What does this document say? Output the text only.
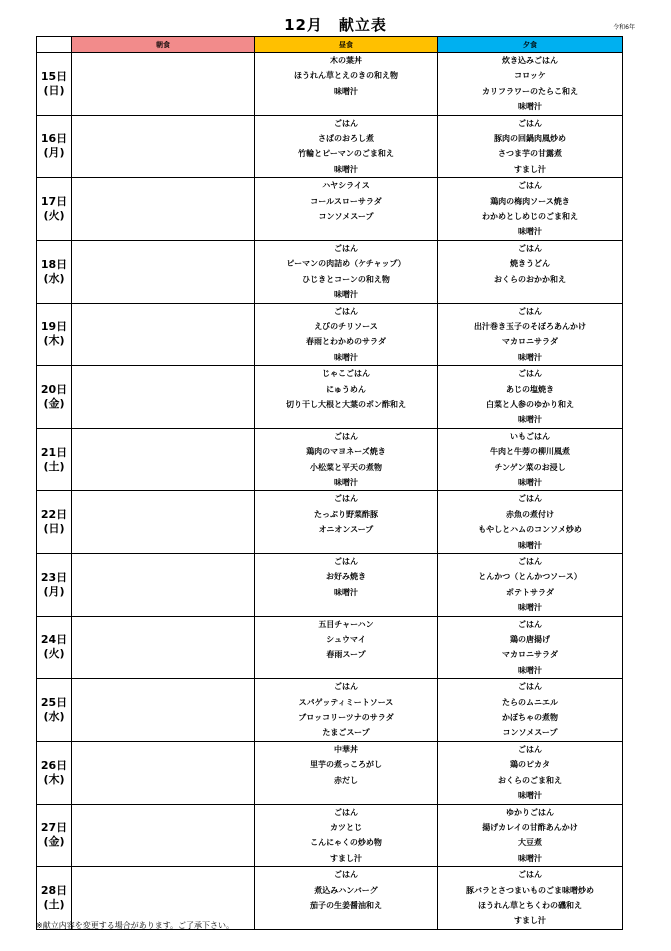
12月　献立表	令和6年
	朝食	昼食	夕食

15日
(日)		木の葉丼
ほうれん草とえのきの和え物
味噌汁	炊き込みごはん
コロッケ
カリフラワーのたらこ和え
味噌汁

16日
(月)		ごはん
さばのおろし煮
竹輪とピーマンのごま和え
味噌汁	ごはん
豚肉の回鍋肉風炒め
さつま芋の甘露煮
すまし汁

17日
(火)		ハヤシライス
コールスローサラダ
コンソメスープ	ごはん
鶏肉の梅肉ソース焼き
わかめとしめじのごま和え
味噌汁

18日
(水)		ごはん
ピーマンの肉詰め（ケチャップ）
ひじきとコーンの和え物
味噌汁	ごはん
焼きうどん
おくらのおかか和え

19日
(木)		ごはん
えびのチリソース
春雨とわかめのサラダ
味噌汁	ごはん
出汁巻き玉子のそぼろあんかけ
マカロニサラダ
味噌汁

20日
(金)		じゃこごはん
にゅうめん
切り干し大根と大葉のポン酢和え	ごはん
あじの塩焼き
白菜と人参のゆかり和え
味噌汁

21日
(土)		ごはん
鶏肉のマヨネーズ焼き
小松菜と平天の煮物
味噌汁	いもごはん
牛肉と牛蒡の柳川風煮
チンゲン菜のお浸し
味噌汁

22日
(日)		ごはん
たっぷり野菜酢豚
オニオンスープ	ごはん
赤魚の煮付け
もやしとハムのコンソメ炒め
味噌汁

23日
(月)		ごはん
お好み焼き
味噌汁	ごはん
とんかつ（とんかつソース）
ポテトサラダ
味噌汁

24日
(火)		五目チャーハン
シュウマイ
春雨スープ	ごはん
鶏の唐揚げ
マカロニサラダ
味噌汁

25日
(水)		ごはん
スパゲッティミートソース
ブロッコリーツナのサラダ
たまごスープ	ごはん
たらのムニエル
かぼちゃの煮物
コンソメスープ

26日
(木)		中華丼
里芋の煮っころがし
赤だし	ごはん
鶏のピカタ
おくらのごま和え
味噌汁

27日
(金)		ごはん
カツとじ
こんにゃくの炒め物
すまし汁	ゆかりごはん
揚げカレイの甘酢あんかけ
大豆煮
味噌汁

28日
(土)		ごはん
煮込みハンバーグ
茄子の生姜醤油和え	ごはん
豚バラとさつまいものごま味噌炒め
ほうれん草とちくわの磯和え
すまし汁
※献立内容を変更する場合があります。ご了承下さい。
